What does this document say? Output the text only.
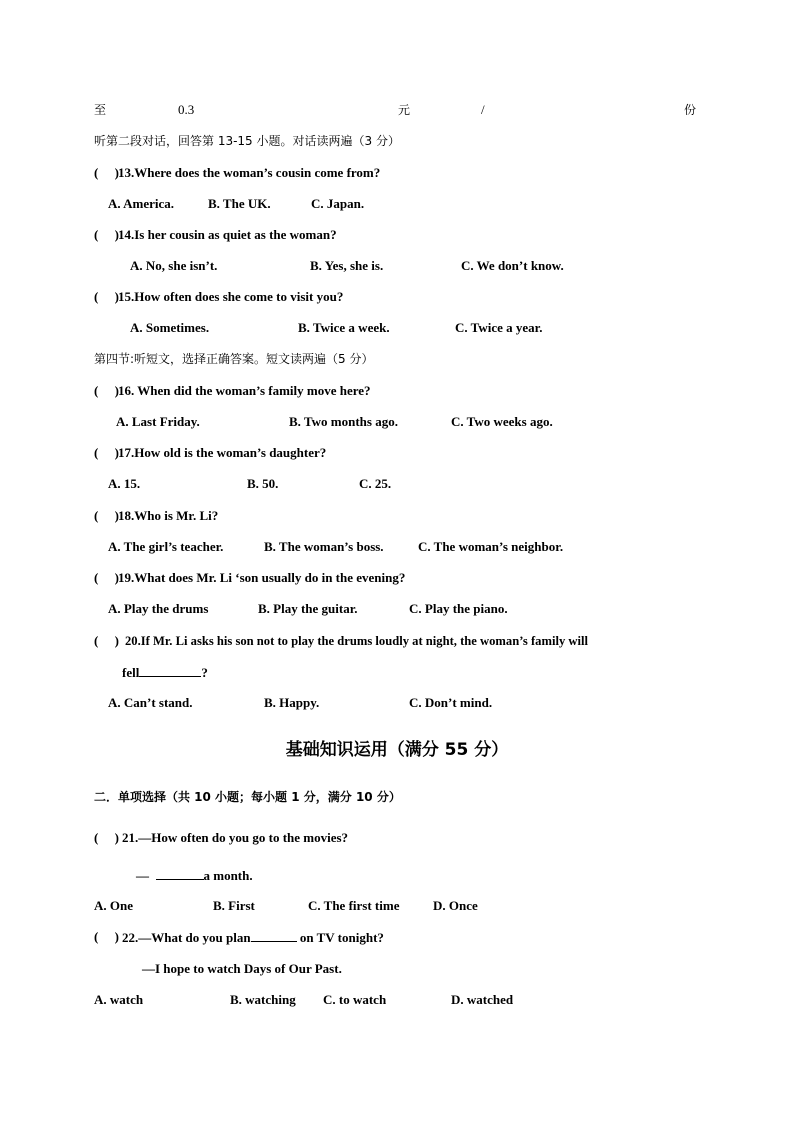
至	0.3	元	/	份
听第二段对话，回答第 13-15 小题。对话读两遍（3 分）
(     ) 13.Where does the woman’s cousin come from?
A. America.	B. The UK.	C. Japan.
(     ) 14.Is her cousin as quiet as the woman?
A. No, she isn’t.	B. Yes, she is.	C. We don’t know.
(     ) 15.How often does she come to visit you?
A. Sometimes.	B. Twice a week.	C. Twice a year.
第四节:听短文，选择正确答案。短文读两遍（5 分）
(     ) 16. When did the woman’s family move here?
A. Last Friday.	B. Two months ago.	C. Two weeks ago.
(     ) 17.How old is the woman’s daughter?
A. 15.	B. 50.	C. 25.
(     ) 18.Who is Mr. Li?
A. The girl’s teacher.	B. The woman’s boss.	C. The woman’s neighbor.
(     ) 19.What does Mr. Li ‘son usually do in the evening?
A. Play the drums	B. Play the guitar.	C. Play the piano.
(     ) 20.If Mr. Li asks his son not to play the drums loudly at night, the woman’s family will
fell	?
A. Can’t stand.	B. Happy.	C. Don’t mind.
基础知识运用（满分 55 分）
二．单项选择（共 10 小题；每小题 1 分，满分 10 分）
(     ) 21.—How often do you go to the movies?
—	a month.
A. One	B. First	C. The first time	D. Once
(     ) 22.—What do you plan	on TV tonight?
—I hope to watch Days of Our Past.
A. watch	B. watching C. to watch	D. watched
